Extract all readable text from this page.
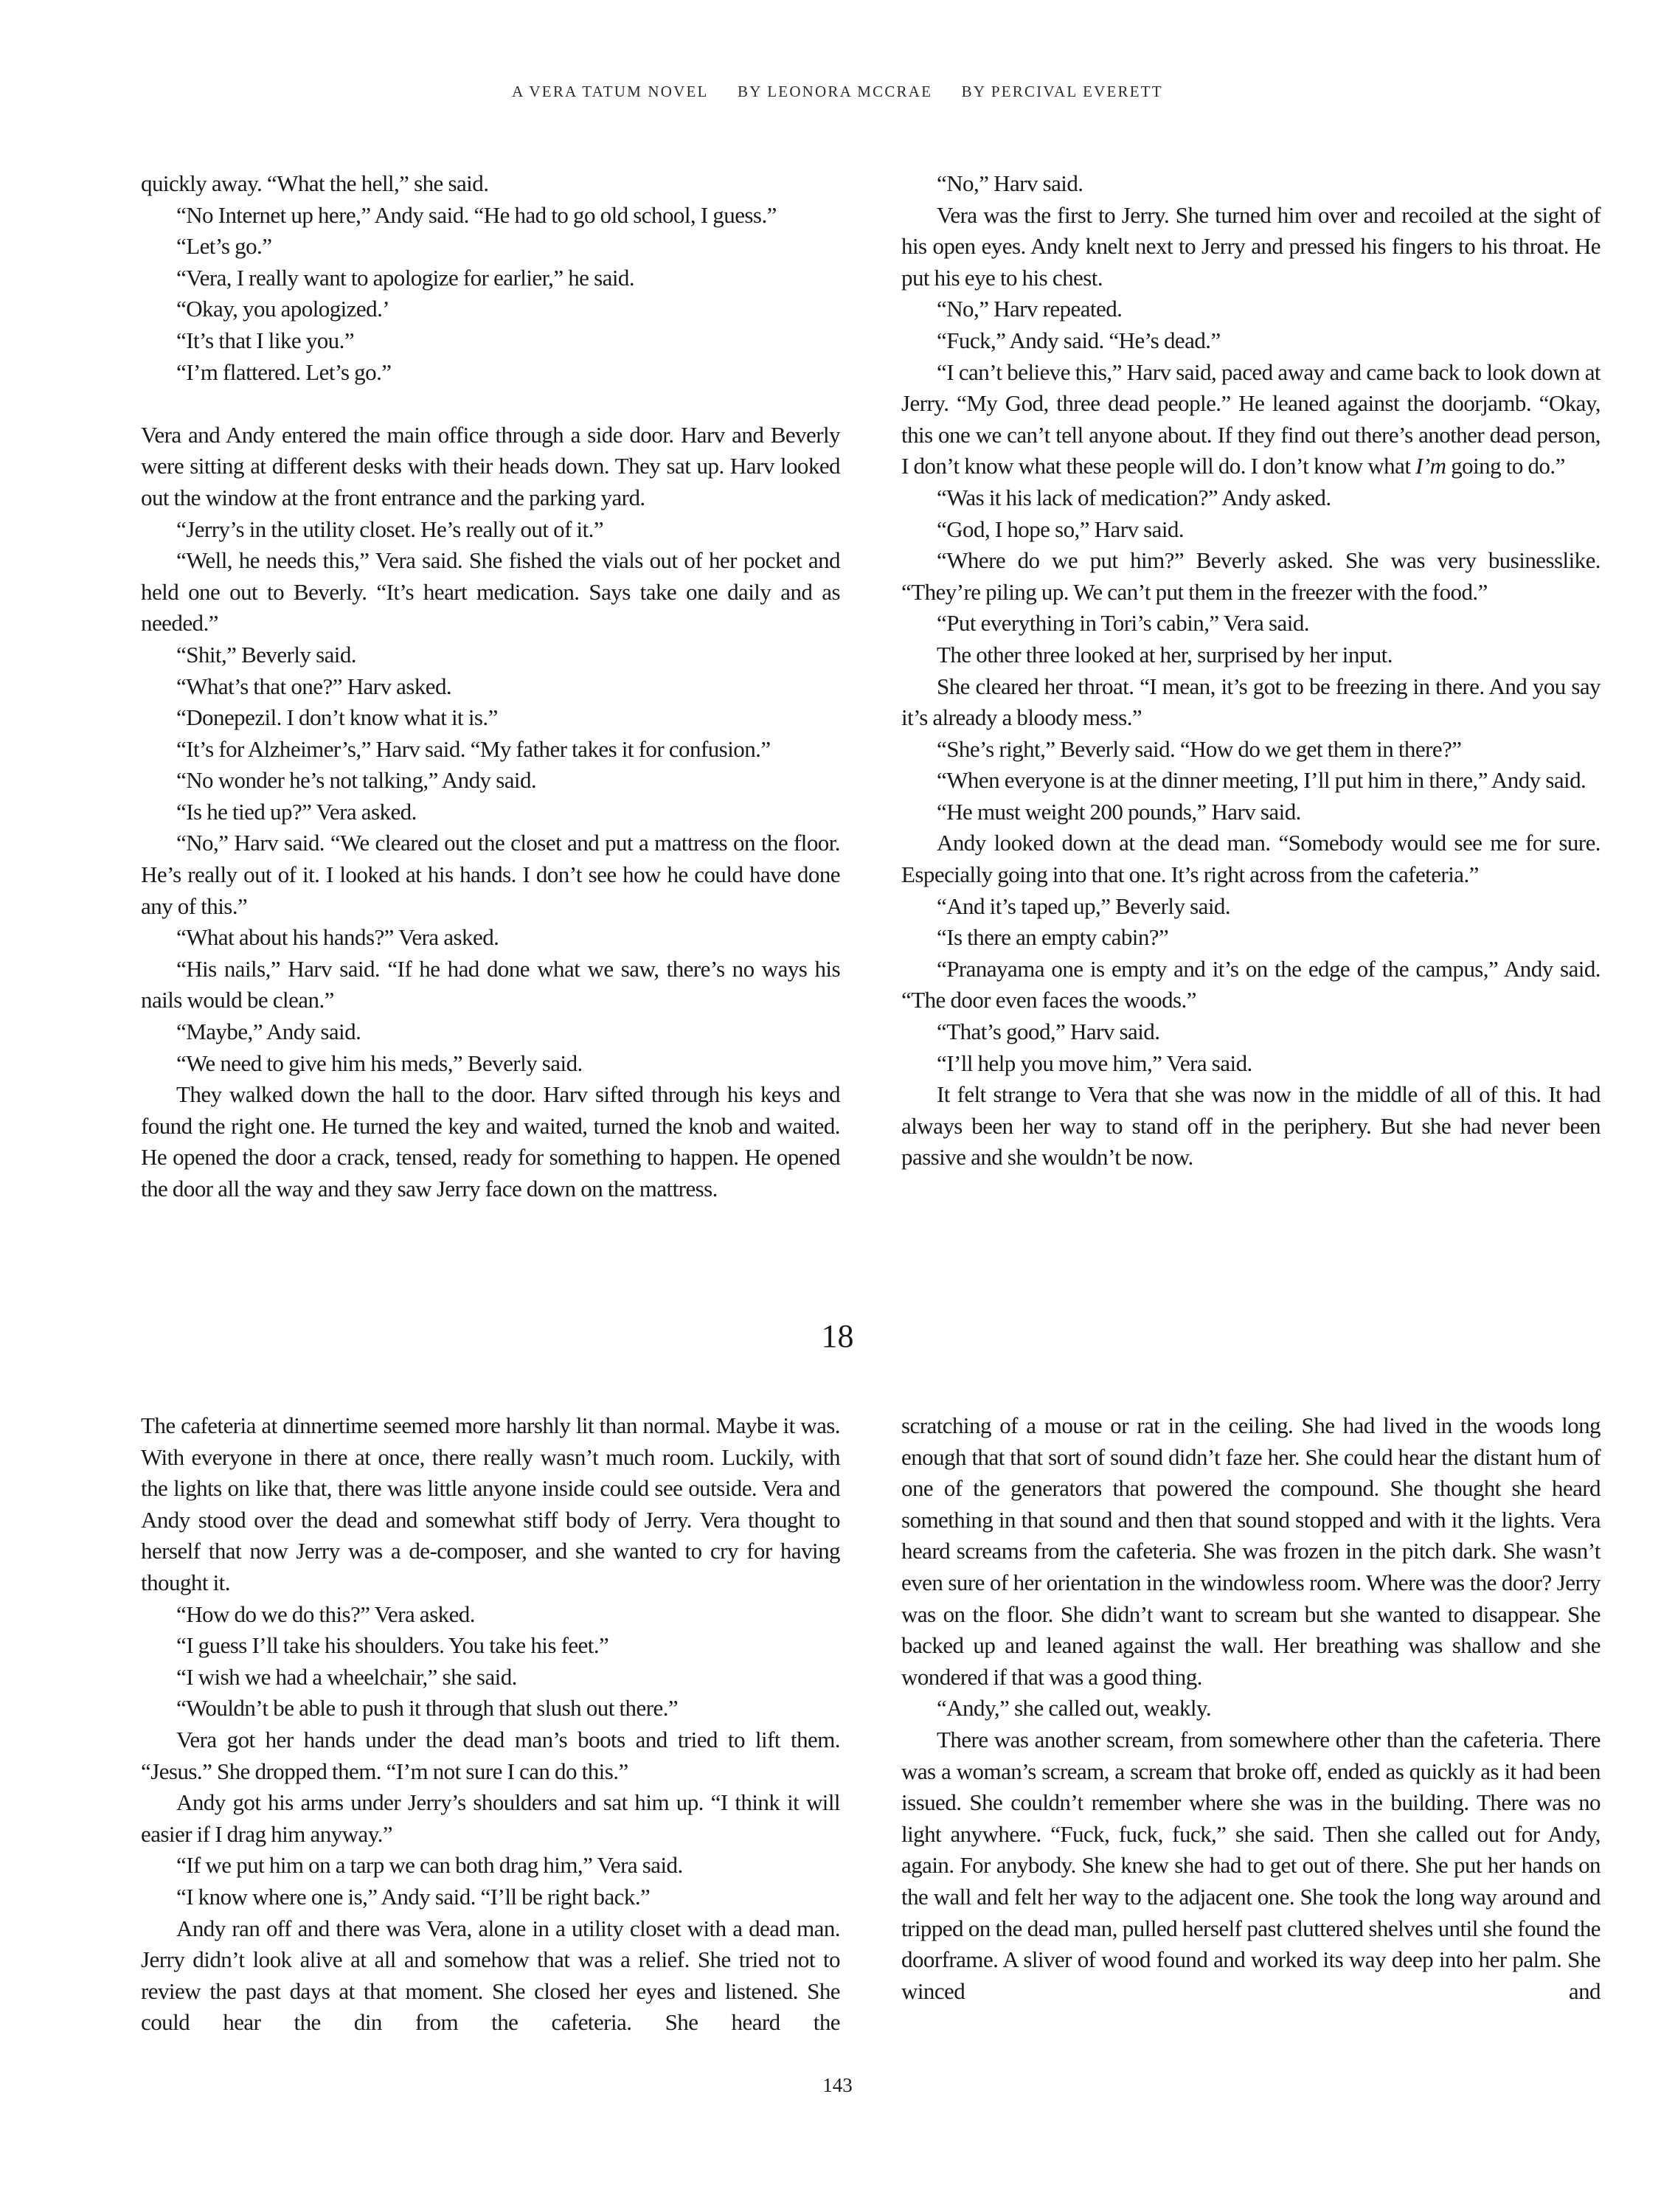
A VERA TATUM NOVEL BY LEONORA MCCRAE BY PERCIVAL EVERETT

quickly away. “What the hell,” she said.

“No Internet up here,” Andy said. “He had to go old school, I guess.”

“Let’s go.”

“Vera, I really want to apologize for earlier,” he said.

“Okay, you apologized.’

“It’s that I like you.”

“I’m flattered. Let’s go.”

Vera and Andy entered the main office through a side door. Harv and Beverly were sitting at different desks with their heads down. They sat up. Harv looked out the window at the front entrance and the parking yard.

“Jerry’s in the utility closet. He’s really out of it.”

“Well, he needs this,” Vera said. She fished the vials out of her pocket and held one out to Beverly. “It’s heart medication. Says take one daily and as needed.”

“Shit,” Beverly said.

“What’s that one?” Harv asked.

“Donepezil. I don’t know what it is.”

“It’s for Alzheimer’s,” Harv said. “My father takes it for confusion.”

“No wonder he’s not talking,” Andy said.

“Is he tied up?” Vera asked.

“No,” Harv said. “We cleared out the closet and put a mattress on the floor. He’s really out of it. I looked at his hands. I don’t see how he could have done any of this.”

“What about his hands?” Vera asked.

“His nails,” Harv said. “If he had done what we saw, there’s no ways his nails would be clean.”

“Maybe,” Andy said.

“We need to give him his meds,” Beverly said.

They walked down the hall to the door. Harv sifted through his keys and found the right one. He turned the key and waited, turned the knob and waited. He opened the door a crack, tensed, ready for something to happen. He opened the door all the way and they saw Jerry face down on the mattress.

“No,” Harv said.

Vera was the first to Jerry. She turned him over and recoiled at the sight of his open eyes. Andy knelt next to Jerry and pressed his fingers to his throat. He put his eye to his chest.

“No,” Harv repeated.

“Fuck,” Andy said. “He’s dead.”

“I can’t believe this,” Harv said, paced away and came back to look down at Jerry. “My God, three dead people.” He leaned against the doorjamb. “Okay, this one we can’t tell anyone about. If they find out there’s another dead person, I don’t know what these people will do. I don’t know what I’m going to do.”

“Was it his lack of medication?” Andy asked.

“God, I hope so,” Harv said.

“Where do we put him?” Beverly asked. She was very businesslike. “They’re piling up. We can’t put them in the freezer with the food.”

“Put everything in Tori’s cabin,” Vera said.

The other three looked at her, surprised by her input.

She cleared her throat. “I mean, it’s got to be freezing in there. And you say it’s already a bloody mess.”

“She’s right,” Beverly said. “How do we get them in there?”

“When everyone is at the dinner meeting, I’ll put him in there,” Andy said.

“He must weight 200 pounds,” Harv said.

Andy looked down at the dead man. “Somebody would see me for sure. Especially going into that one. It’s right across from the cafeteria.”

“And it’s taped up,” Beverly said.

“Is there an empty cabin?”

“Pranayama one is empty and it’s on the edge of the campus,” Andy said. “The door even faces the woods.”

“That’s good,” Harv said.

“I’ll help you move him,” Vera said.

It felt strange to Vera that she was now in the middle of all of this. It had always been her way to stand off in the periphery. But she had never been passive and she wouldn’t be now.

18

The cafeteria at dinnertime seemed more harshly lit than normal. Maybe it was. With everyone in there at once, there really wasn’t much room. Luckily, with the lights on like that, there was little anyone inside could see outside. Vera and Andy stood over the dead and somewhat stiff body of Jerry. Vera thought to herself that now Jerry was a de-composer, and she wanted to cry for having thought it.

“How do we do this?” Vera asked.

“I guess I’ll take his shoulders. You take his feet.”

“I wish we had a wheelchair,” she said.

“Wouldn’t be able to push it through that slush out there.”

Vera got her hands under the dead man’s boots and tried to lift them. “Jesus.” She dropped them. “I’m not sure I can do this.”

Andy got his arms under Jerry’s shoulders and sat him up. “I think it will easier if I drag him anyway.”

“If we put him on a tarp we can both drag him,” Vera said.

“I know where one is,” Andy said. “I’ll be right back.”

Andy ran off and there was Vera, alone in a utility closet with a dead man. Jerry didn’t look alive at all and somehow that was a relief. She tried not to review the past days at that moment. She closed her eyes and listened. She could hear the din from the cafeteria. She heard the

scratching of a mouse or rat in the ceiling. She had lived in the woods long enough that that sort of sound didn’t faze her. She could hear the distant hum of one of the generators that powered the compound. She thought she heard something in that sound and then that sound stopped and with it the lights. Vera heard screams from the cafeteria. She was frozen in the pitch dark. She wasn’t even sure of her orientation in the windowless room. Where was the door? Jerry was on the floor. She didn’t want to scream but she wanted to disappear. She backed up and leaned against the wall. Her breathing was shallow and she wondered if that was a good thing.

“Andy,” she called out, weakly.

There was another scream, from somewhere other than the cafeteria. There was a woman’s scream, a scream that broke off, ended as quickly as it had been issued. She couldn’t remember where she was in the building. There was no light anywhere. “Fuck, fuck, fuck,” she said. Then she called out for Andy, again. For anybody. She knew she had to get out of there. She put her hands on the wall and felt her way to the adjacent one. She took the long way around and tripped on the dead man, pulled herself past cluttered shelves until she found the doorframe. A sliver of wood found and worked its way deep into her palm. She winced and

143
